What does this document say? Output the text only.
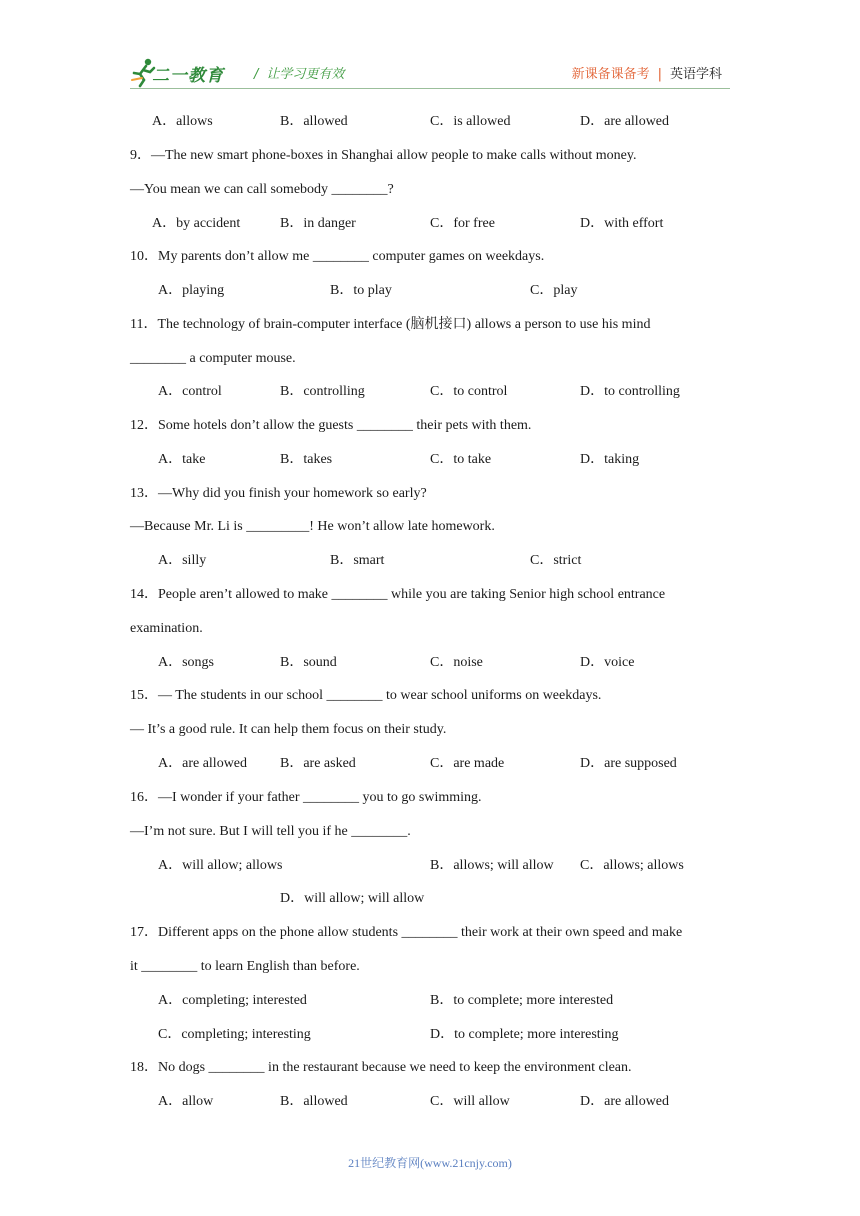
二一教育 / 让学习更有效	新课备课备考 | 英语学科
A．allows	B．allowed	C．is allowed	D．are allowed
9．—The new smart phone-boxes in Shanghai allow people to make calls without money.
—You mean we can call somebody ________?
A．by accident	B．in danger	C．for free	D．with effort
10．My parents don’t allow me ________ computer games on weekdays.
A．playing	B．to play	C．play
11．The technology of brain-computer interface (脑机接口) allows a person to use his mind
________ a computer mouse.
A．control	B．controlling	C．to control	D．to controlling
12．Some hotels don’t allow the guests ________ their pets with them.
A．take	B．takes	C．to take	D．taking
13．—Why did you finish your homework so early?
—Because Mr. Li is _________! He won’t allow late homework.
A．silly	B．smart	C．strict
14．People aren’t allowed to make ________ while you are taking Senior high school entrance
examination.
A．songs	B．sound	C．noise	D．voice
15．— The students in our school ________ to wear school uniforms on weekdays.
— It’s a good rule. It can help them focus on their study.
A．are allowed B．are asked	C．are made	D．are supposed
16．—I wonder if your father ________ you to go swimming.
—I’m not sure. But I will tell you if he ________.
A．will allow; allows	B．allows; will allow C．allows; allows
D．will allow; will allow
17．Different apps on the phone allow students ________ their work at their own speed and make
it ________ to learn English than before.
A．completing; interested	B．to complete; more interested
C．completing; interesting	D．to complete; more interesting
18．No dogs ________ in the restaurant because we need to keep the environment clean.
A．allow	B．allowed	C．will allow	D．are allowed
21世纪教育网(www.21cnjy.com)
